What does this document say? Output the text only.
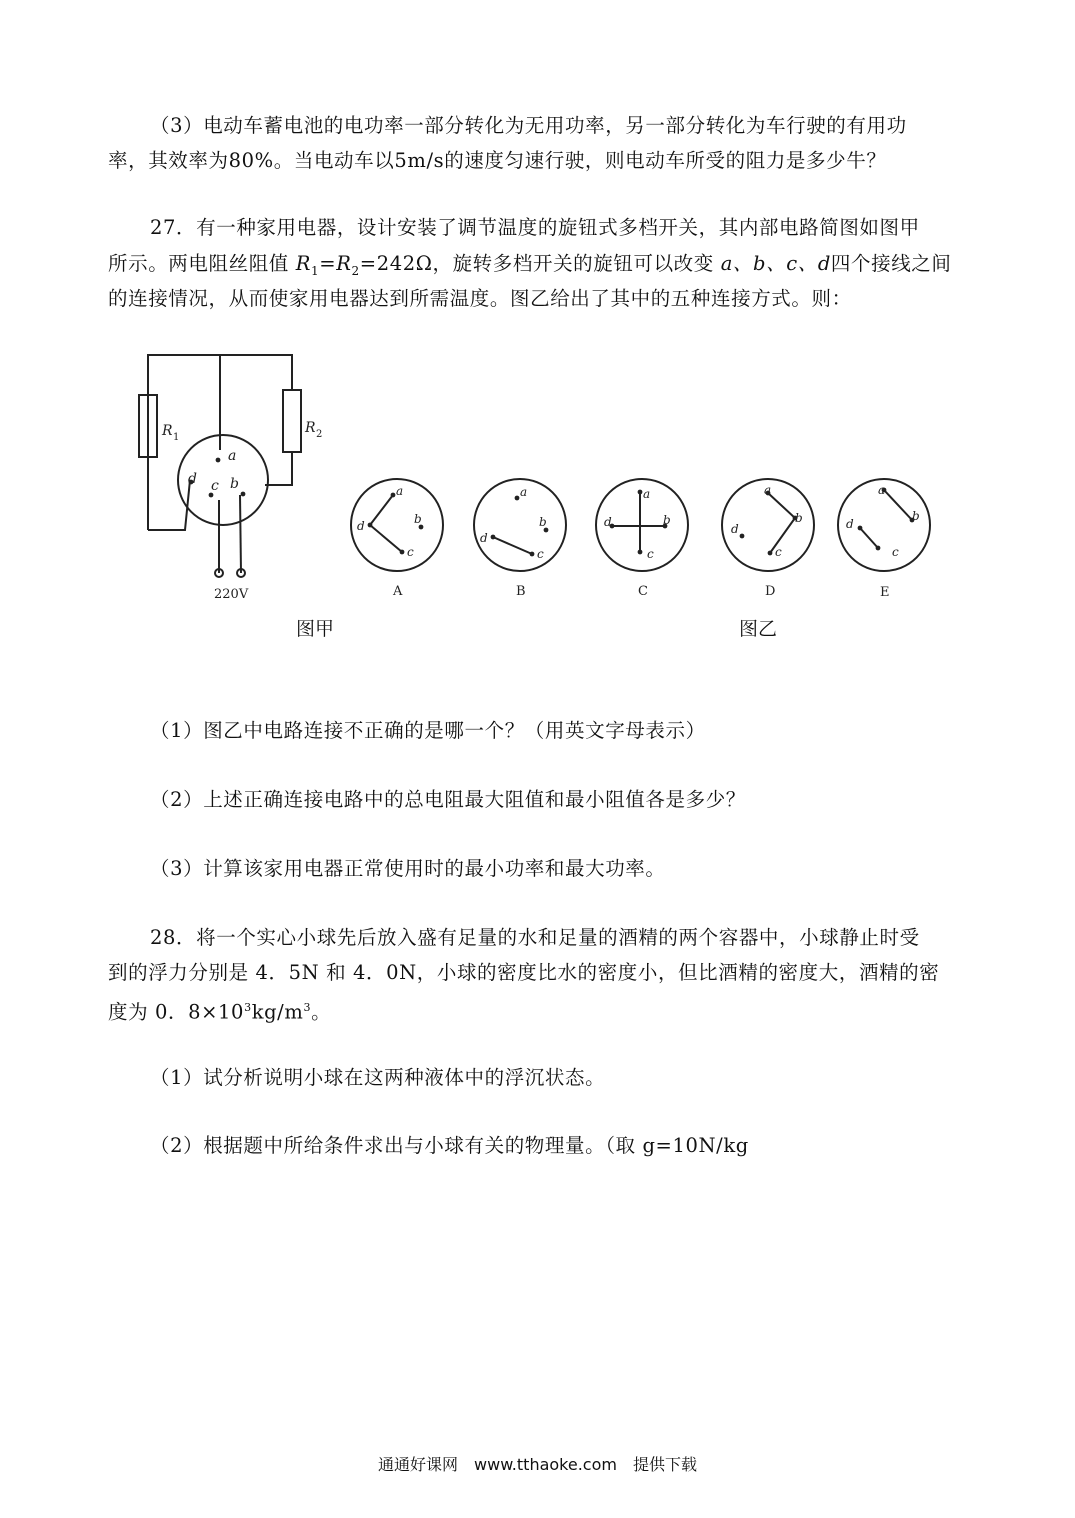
（3）电动车蓄电池的电功率一部分转化为无用功率，另一部分转化为车行驶的有用功

率，其效率为80%。当电动车以5m/s的速度匀速行驶，则电动车所受的阻力是多少牛？

27．有一种家用电器，设计安装了调节温度的旋钮式多档开关，其内部电路简图如图甲

所示。两电阻丝阻值 $R_1=R_2=242\Omega$，旋转多档开关的旋钮可以改变 a、b、c、d四个接线之间

的连接情况，从而使家用电器达到所需温度。图乙给出了其中的五种连接方式。则：

R 1
R 2
a
d c b	a
d	b
c
a
d
b
c
a
d	b
c
a
d
b
c
a
d
b
c
220V	A	B	C	D	E
图甲	图乙

（1）图乙中电路连接不正确的是哪一个？（用英文字母表示）

（2）上述正确连接电路中的总电阻最大阻值和最小阻值各是多少？

（3）计算该家用电器正常使用时的最小功率和最大功率。

28．将一个实心小球先后放入盛有足量的水和足量的酒精的两个容器中，小球静止时受

到的浮力分别是 4．5N 和 4．0N，小球的密度比水的密度小，但比酒精的密度大，酒精的密

度为 0．$8\times 10^3kg/m^3$。

（1）试分析说明小球在这两种液体中的浮沉状态。

（2）根据题中所给条件求出与小球有关的物理量。（取 g=10N/kg

通通好课网　www.tthaoke.com　提供下载
